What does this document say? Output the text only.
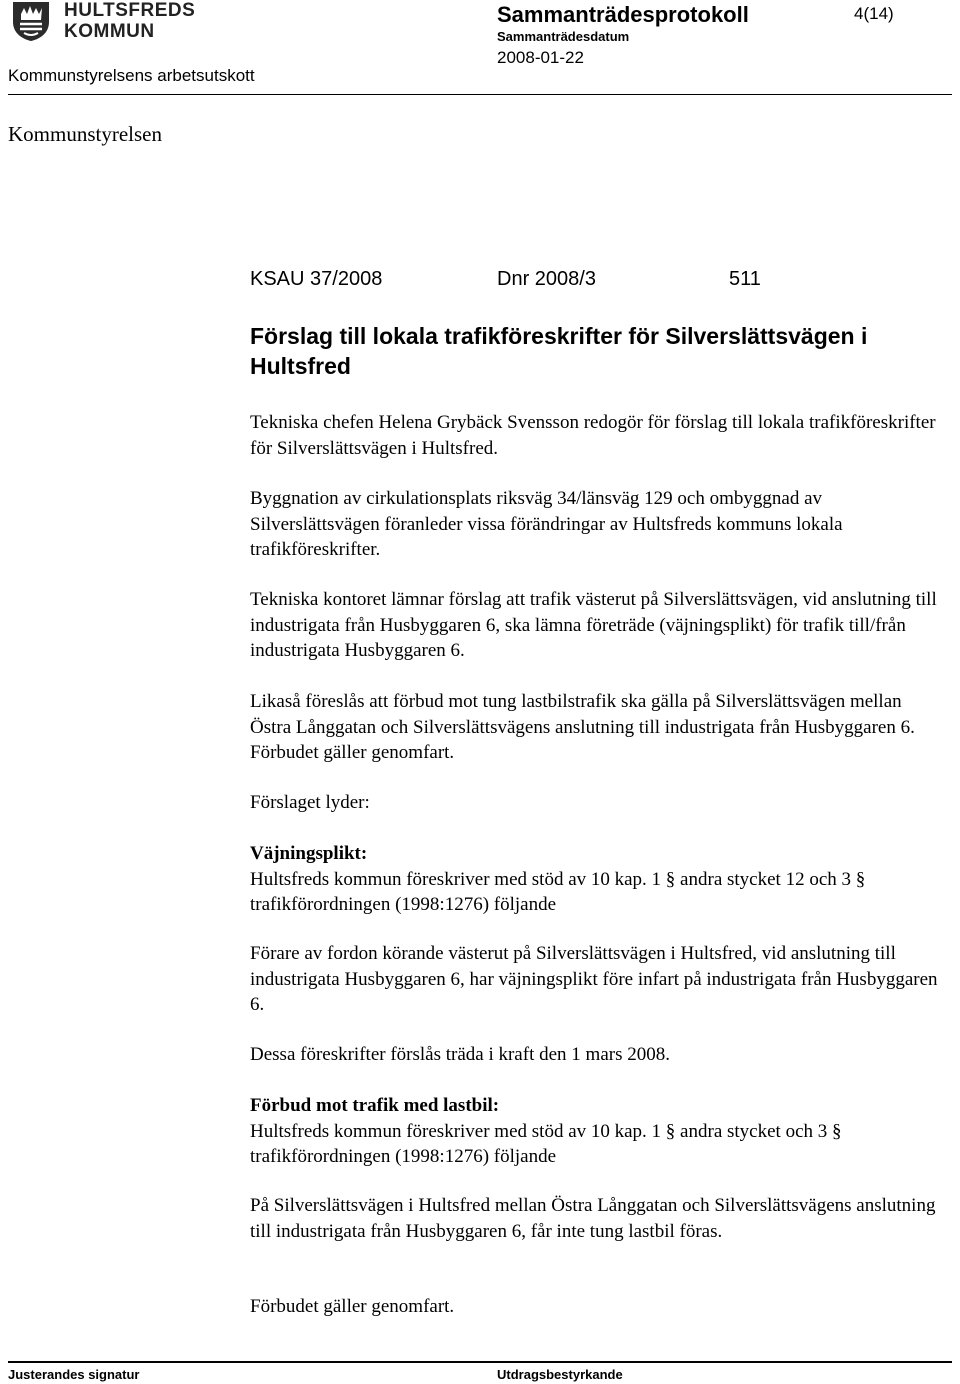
HULTSFREDS
KOMMUN
Sammanträdesprotokoll	4(14)
Sammanträdesdatum
2008-01-22
Kommunstyrelsens arbetsutskott
Kommunstyrelsen
KSAU 37/2008	Dnr 2008/3	511
Förslag till lokala trafikföreskrifter för Silverslättsvägen i Hultsfred
Tekniska chefen Helena Grybäck Svensson redogör för förslag till lokala trafikföreskrifter för Silverslättsvägen i Hultsfred.
Byggnation av cirkulationsplats riksväg 34/länsväg 129 och ombyggnad av Silverslättsvägen föranleder vissa förändringar av Hultsfreds kommuns lokala trafikföreskrifter.
Tekniska kontoret lämnar förslag att trafik västerut på Silverslättsvägen, vid anslutning till industrigata från Husbyggaren 6, ska lämna företräde (väjningsplikt) för trafik till/från industrigata Husbyggaren 6.
Likaså föreslås att förbud mot tung lastbilstrafik ska gälla på Silverslättsvägen mellan Östra Långgatan och Silverslättsvägens anslutning till industrigata från Husbyggaren 6. Förbudet gäller genomfart.
Förslaget lyder:
Väjningsplikt:
Hultsfreds kommun föreskriver med stöd av 10 kap. 1 § andra stycket 12 och 3 § trafikförordningen (1998:1276) följande
Förare av fordon körande västerut på Silverslättsvägen i Hultsfred, vid anslutning till industrigata Husbyggaren 6, har väjningsplikt före infart på industrigata från Husbyggaren 6.
Dessa föreskrifter förslås träda i kraft den 1 mars 2008.
Förbud mot trafik med lastbil:
Hultsfreds kommun föreskriver med stöd av 10 kap. 1 § andra stycket och 3 § trafikförordningen (1998:1276) följande
På Silverslättsvägen i Hultsfred mellan Östra Långgatan och Silverslättsvägens anslutning till industrigata från Husbyggaren 6, får inte tung lastbil föras.
Förbudet gäller genomfart.
Justerandes signatur	Utdragsbestyrkande
